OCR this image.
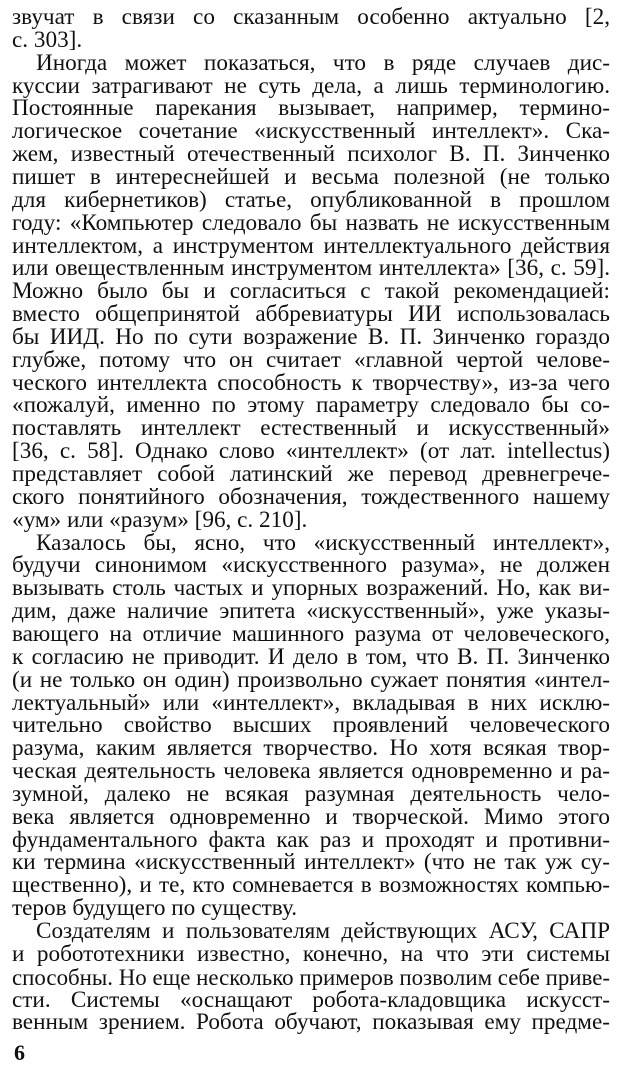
звучат в связи со сказанным особенно актуально [2,
с. 303].
Иногда может показаться, что в ряде случаев дис-
куссии затрагивают не суть дела, а лишь терминологию.
Постоянные парекания вызывает, например, термино-
логическое сочетание «искусственный интеллект». Ска-
жем, известный отечественный психолог В. П. Зинченко
пишет в интереснейшей и весьма полезной (не только
для кибернетиков) статье, опубликованной в прошлом
году: «Компьютер следовало бы назвать не искусственным
интеллектом, а инструментом интеллектуального действия
или овеществленным инструментом интеллекта» [36, с. 59].
Можно было бы и согласиться с такой рекомендацией:
вместо общепринятой аббревиатуры ИИ использовалась
бы ИИД. Но по сути возражение В. П. Зинченко гораздо
глубже, потому что он считает «главной чертой челове-
ческого интеллекта способность к творчеству», из-за чего
«пожалуй, именно по этому параметру следовало бы со-
поставлять интеллект естественный и искусственный»
[36, с. 58]. Однако слово «интеллект» (от лат. intellectus)
представляет собой латинский же перевод древнегрече-
ского понятийного обозначения, тождественного нашему
«ум» или «разум» [96, с. 210].
Казалось бы, ясно, что «искусственный интеллект»,
будучи синонимом «искусственного разума», не должен
вызывать столь частых и упорных возражений. Но, как ви-
дим, даже наличие эпитета «искусственный», уже указы-
вающего на отличие машинного разума от человеческого,
к согласию не приводит. И дело в том, что В. П. Зинченко
(и не только он один) произвольно сужает понятия «интел-
лектуальный» или «интеллект», вкладывая в них исклю-
чительно свойство высших проявлений человеческого
разума, каким является творчество. Но хотя всякая твор-
ческая деятельность человека является одновременно и ра-
зумной, далеко не всякая разумная деятельность чело-
века является одновременно и творческой. Мимо этого
фундаментального факта как раз и проходят и противни-
ки термина «искусственный интеллект» (что не так уж су-
щественно), и те, кто сомневается в возможностях компью-
теров будущего по существу.
Создателям и пользователям действующих АСУ, САПР
и робототехники известно, конечно, на что эти системы
способны. Но еще несколько примеров позволим себе приве-
сти. Системы «оснащают робота-кладовщика искусст-
венным зрением. Робота обучают, показывая ему предме-
6
